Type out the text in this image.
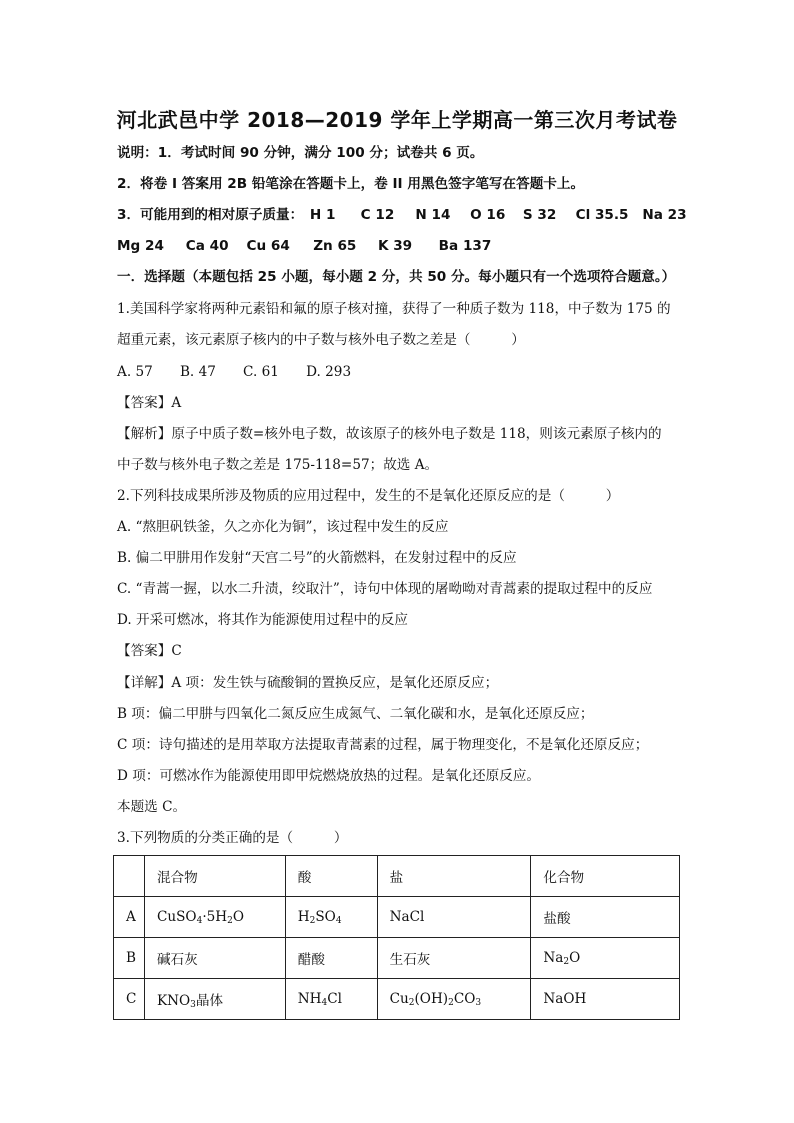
河北武邑中学 2018—2019 学年上学期高一第三次月考试卷
说明：1．考试时间 90 分钟，满分 100 分；试卷共 6 页。
2．将卷 I 答案用 2B 铅笔涂在答题卡上，卷 II 用黑色签字笔写在答题卡上。
3．可能用到的相对原子质量： H 1 C 12 N 14 O 16 S 32 Cl 35.5 Na 23
Mg 24 Ca 40 Cu 64 Zn 65 K 39 Ba 137
一．选择题（本题包括 25 小题，每小题 2 分，共 50 分。每小题只有一个选项符合题意。）
1.美国科学家将两种元素铅和氟的原子核对撞，获得了一种质子数为 118，中子数为 175 的
超重元素，该元素原子核内的中子数与核外电子数之差是（　　　）
A. 57　　B. 47　　C. 61　　D. 293
【答案】A
【解析】原子中质子数=核外电子数，故该原子的核外电子数是 118，则该元素原子核内的
中子数与核外电子数之差是 175-118=57；故选 A。
2.下列科技成果所涉及物质的应用过程中，发生的不是氧化还原反应的是（　　　）
A. “熬胆矾铁釜，久之亦化为铜”，该过程中发生的反应
B. 偏二甲肼用作发射“天宫二号”的火箭燃料，在发射过程中的反应
C. “青蒿一握，以水二升渍，绞取汁”，诗句中体现的屠呦呦对青蒿素的提取过程中的反应
D. 开采可燃冰，将其作为能源使用过程中的反应
【答案】C
【详解】A 项：发生铁与硫酸铜的置换反应，是氧化还原反应；
B 项：偏二甲肼与四氧化二氮反应生成氮气、二氧化碳和水，是氧化还原反应；
C 项：诗句描述的是用萃取方法提取青蒿素的过程，属于物理变化，不是氧化还原反应；
D 项：可燃冰作为能源使用即甲烷燃烧放热的过程。是氧化还原反应。
本题选 C。
3.下列物质的分类正确的是（　　　）
	混合物	酸	盐	化合物
A	$CuSO_4\cdot 5H_2O$	$H_2SO_4$	NaCl	盐酸
B	碱石灰	醋酸	生石灰	$Na_2O$
C	$KNO_3$晶体	$NH_4Cl$	$Cu_2(OH)_2CO_3$	NaOH
